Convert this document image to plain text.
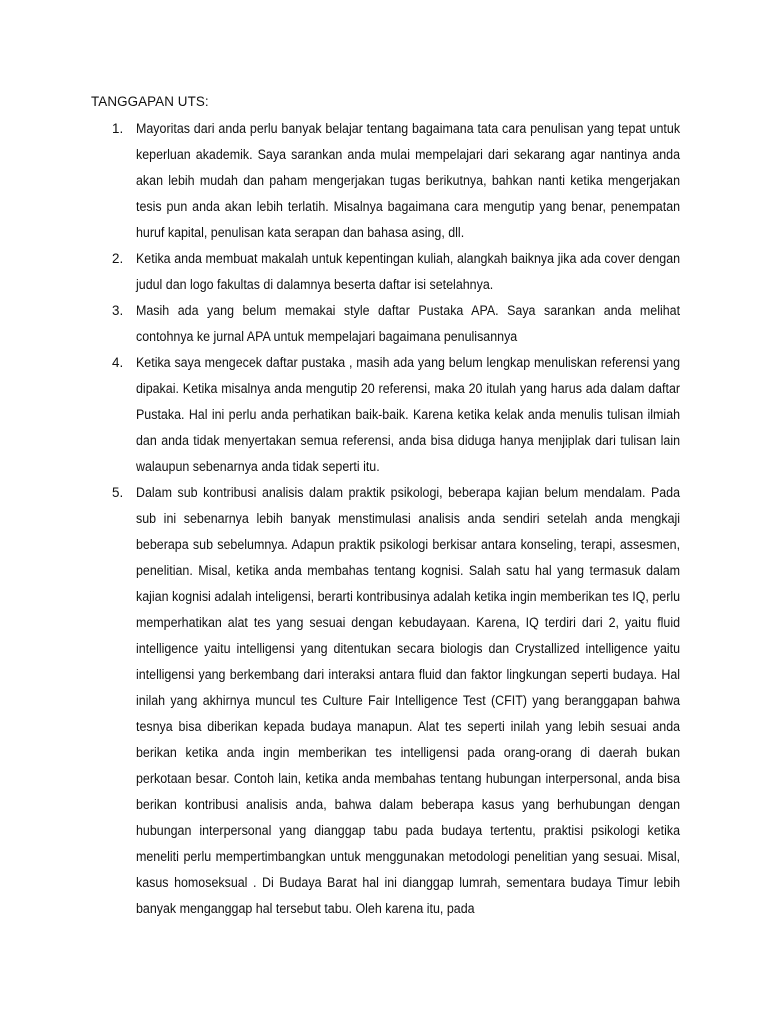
TANGGAPAN UTS:
1. Mayoritas dari anda perlu banyak belajar tentang bagaimana tata cara penulisan yang tepat untuk keperluan akademik. Saya sarankan anda mulai mempelajari dari sekarang agar nantinya anda akan lebih mudah dan paham mengerjakan tugas berikutnya, bahkan nanti ketika mengerjakan tesis pun anda akan lebih terlatih. Misalnya bagaimana cara mengutip yang benar, penempatan huruf kapital, penulisan kata serapan dan bahasa asing, dll.

2. Ketika anda membuat makalah untuk kepentingan kuliah, alangkah baiknya jika ada cover dengan judul dan logo fakultas di dalamnya beserta daftar isi setelahnya.

3. Masih ada yang belum memakai style daftar Pustaka APA. Saya sarankan anda melihat contohnya ke jurnal APA untuk mempelajari bagaimana penulisannya

4. Ketika saya mengecek daftar pustaka , masih ada yang belum lengkap menuliskan referensi yang dipakai. Ketika misalnya anda mengutip 20 referensi, maka 20 itulah yang harus ada dalam daftar Pustaka. Hal ini perlu anda perhatikan baik-baik. Karena ketika kelak anda menulis tulisan ilmiah dan anda tidak menyertakan semua referensi, anda bisa diduga hanya menjiplak dari tulisan lain walaupun sebenarnya anda tidak seperti itu.

5. Dalam sub kontribusi analisis dalam praktik psikologi, beberapa kajian belum mendalam. Pada sub ini sebenarnya lebih banyak menstimulasi analisis anda sendiri setelah anda mengkaji beberapa sub sebelumnya. Adapun praktik psikologi berkisar antara konseling, terapi, assesmen, penelitian. Misal, ketika anda membahas tentang kognisi. Salah satu hal yang termasuk dalam kajian kognisi adalah inteligensi, berarti kontribusinya adalah ketika ingin memberikan tes IQ, perlu memperhatikan alat tes yang sesuai dengan kebudayaan. Karena, IQ terdiri dari 2, yaitu fluid intelligence yaitu intelligensi yang ditentukan secara biologis dan Crystallized intelligence yaitu intelligensi yang berkembang dari interaksi antara fluid dan faktor lingkungan seperti budaya. Hal inilah yang akhirnya muncul tes Culture Fair Intelligence Test (CFIT) yang beranggapan bahwa tesnya bisa diberikan kepada budaya manapun. Alat tes seperti inilah yang lebih sesuai anda berikan ketika anda ingin memberikan tes intelligensi pada orang-orang di daerah bukan perkotaan besar. Contoh lain, ketika anda membahas tentang hubungan interpersonal, anda bisa berikan kontribusi analisis anda, bahwa dalam beberapa kasus yang berhubungan dengan hubungan interpersonal yang dianggap tabu pada budaya tertentu, praktisi psikologi ketika meneliti perlu mempertimbangkan untuk menggunakan metodologi penelitian yang sesuai. Misal, kasus homoseksual . Di Budaya Barat hal ini dianggap lumrah, sementara budaya Timur lebih banyak menganggap hal tersebut tabu. Oleh karena itu, pada
